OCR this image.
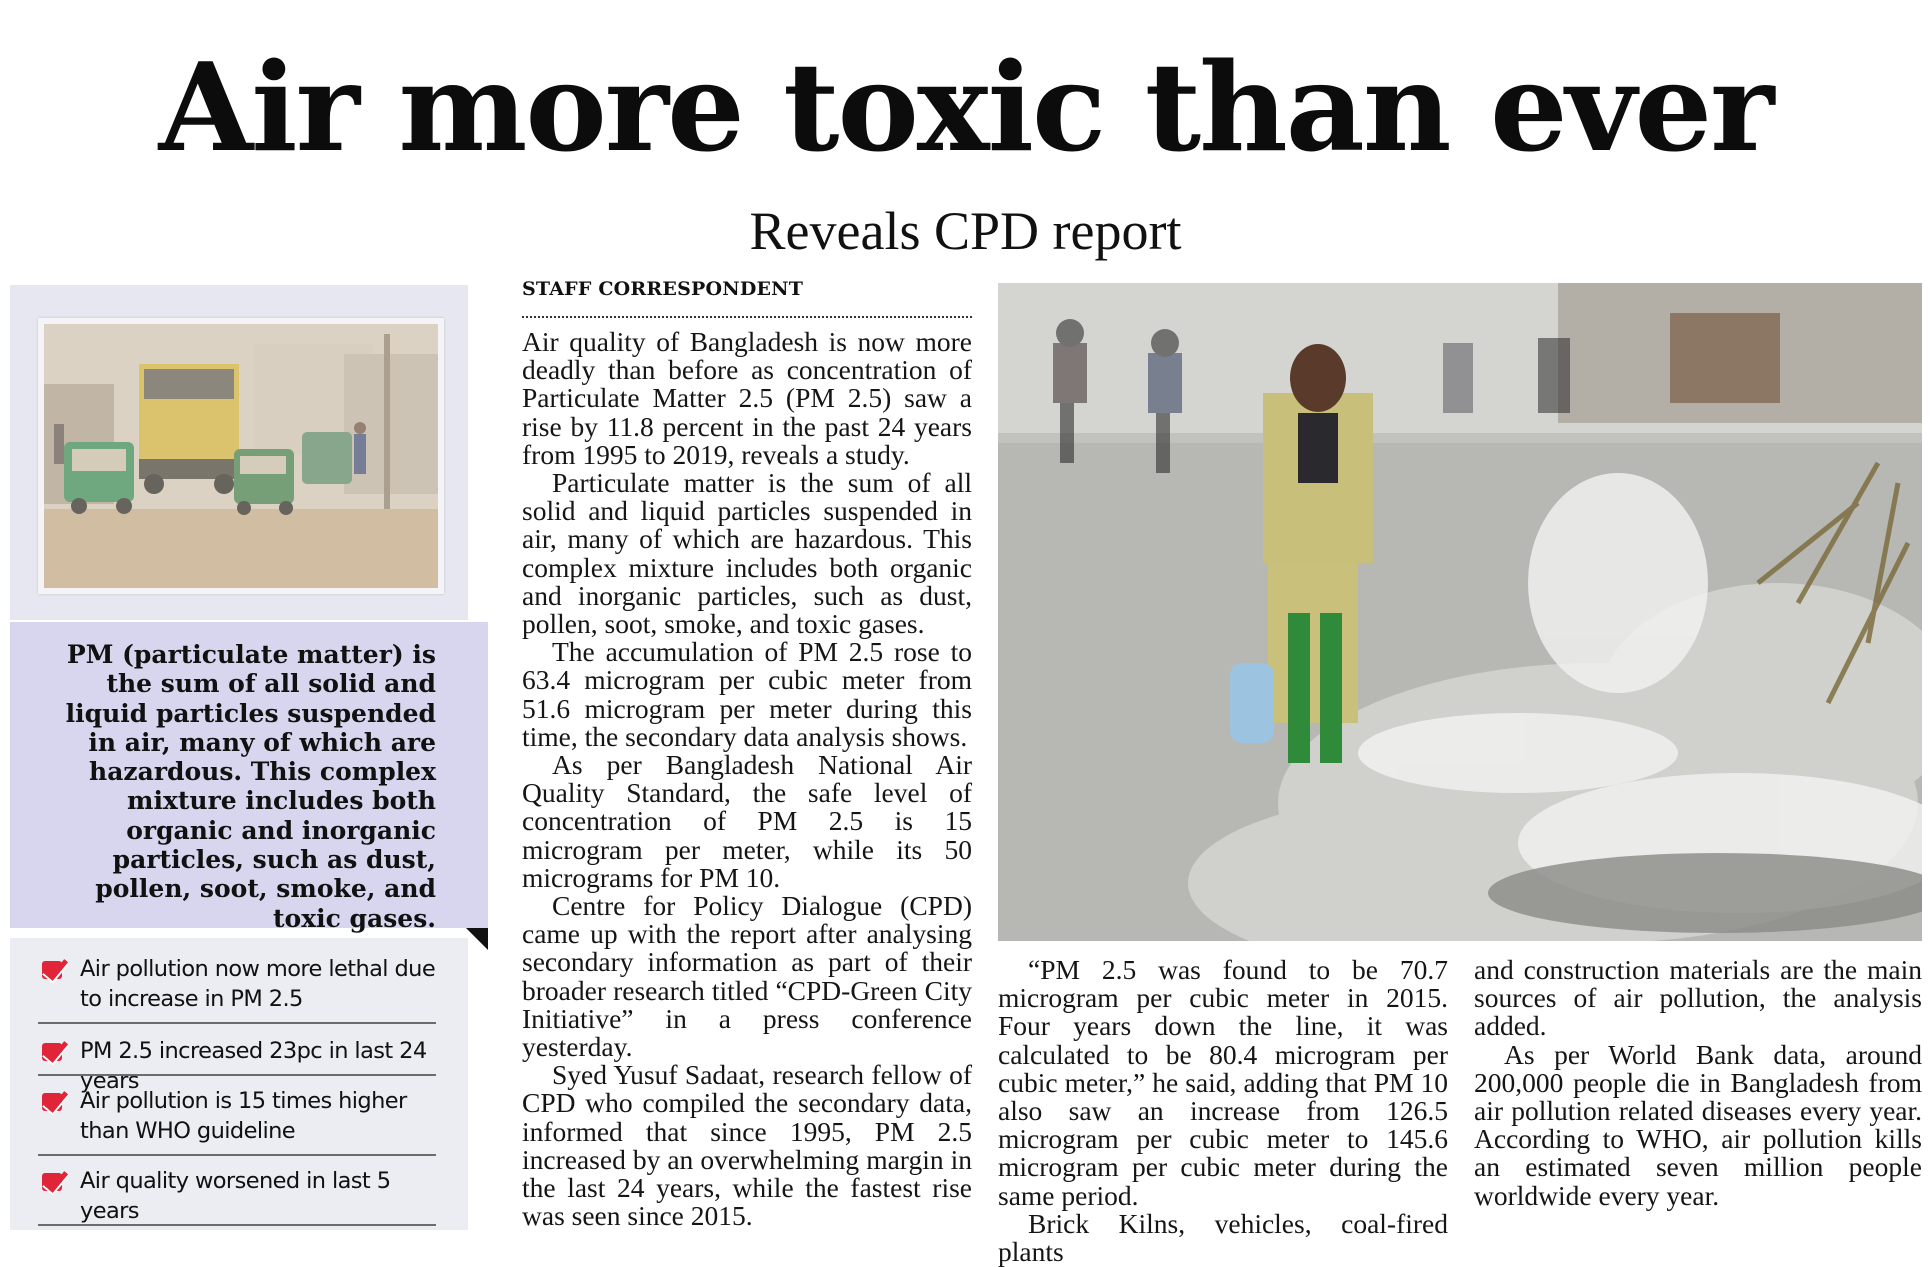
Air more toxic than ever
Reveals CPD report
PM (particulate matter) is the sum of all solid and liquid particles suspended in air, many of which are hazardous. This complex mixture includes both organic and inorganic particles, such as dust, pollen, soot, smoke, and toxic gases.
Air pollution now more lethal due to increase in PM 2.5
PM 2.5 increased 23pc in last 24 years
Air pollution is 15 times higher than WHO guideline
Air quality worsened in last 5 years
STAFF CORRESPONDENT

Air quality of Bangladesh is now more deadly than before as concentration of Particulate Matter 2.5 (PM 2.5) saw a rise by 11.8 percent in the past 24 years from 1995 to 2019, reveals a study.

Particulate matter is the sum of all solid and liquid particles suspended in air, many of which are hazardous. This complex mixture includes both organic and inorganic particles, such as dust, pollen, soot, smoke, and toxic gases.

The accumulation of PM 2.5 rose to 63.4 microgram per cubic meter from 51.6 microgram per meter during this time, the secondary data analysis shows.

As per Bangladesh National Air Quality Standard, the safe level of concentration of PM 2.5 is 15 microgram per meter, while its 50 micrograms for PM 10.

Centre for Policy Dialogue (CPD) came up with the report after analysing secondary information as part of their broader research titled “CPD-Green City Initiative” in a press conference yesterday.

Syed Yusuf Sadaat, research fellow of CPD who compiled the secondary data, informed that since 1995, PM 2.5 increased by an overwhelming margin in the last 24 years, while the fastest rise was seen since 2015.

“PM 2.5 was found to be 70.7 microgram per cubic meter in 2015. Four years down the line, it was calculated to be 80.4 microgram per cubic meter,” he said, adding that PM 10 also saw an increase from 126.5 microgram per cubic meter to 145.6 microgram per cubic meter during the same period.

Brick Kilns, vehicles, coal-fired plants

and construction materials are the main sources of air pollution, the analysis added.

As per World Bank data, around 200,000 people die in Bangladesh from air pollution related diseases every year. According to WHO, air pollution kills an estimated seven million people worldwide every year.
